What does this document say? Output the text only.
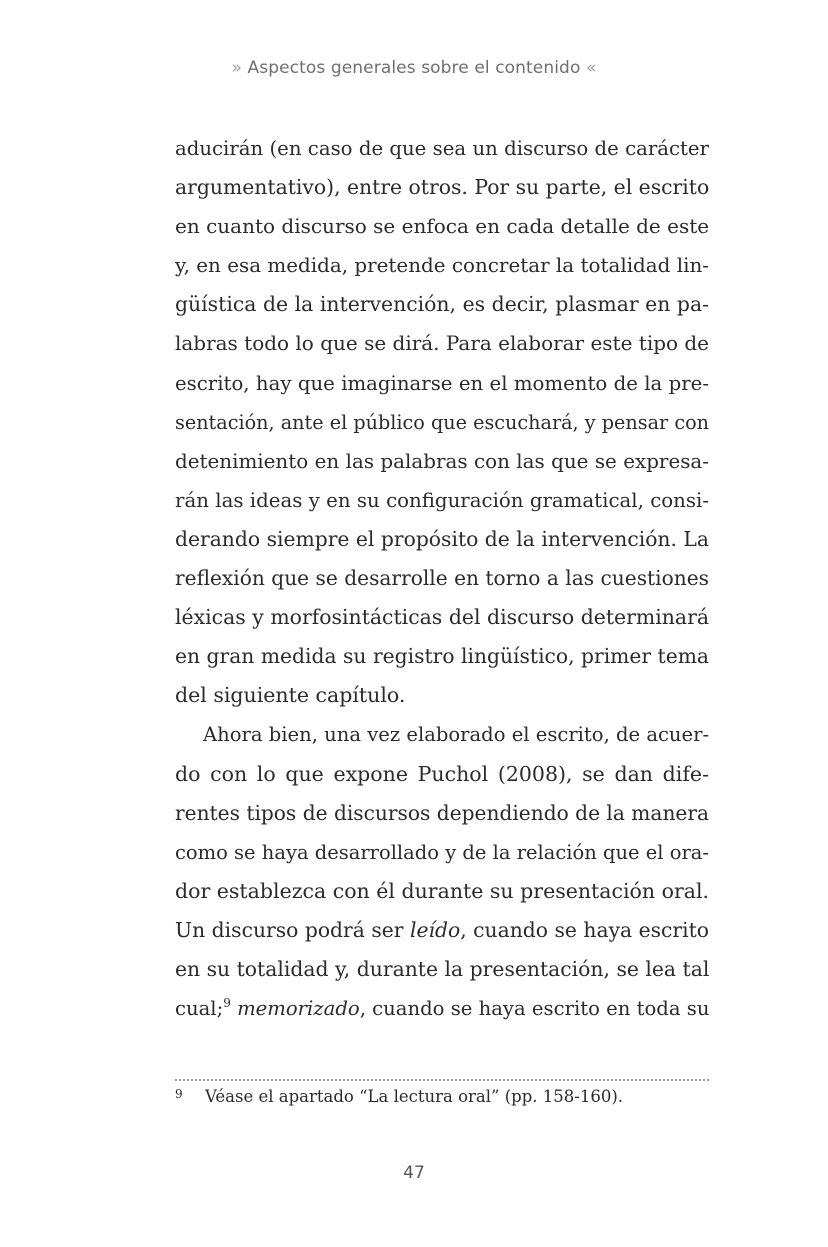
» Aspectos generales sobre el contenido «
aducirán (en caso de que sea un discurso de carácter
argumentativo), entre otros. Por su parte, el escrito
en cuanto discurso se enfoca en cada detalle de este
y, en esa medida, pretende concretar la totalidad lin-
güística de la intervención, es decir, plasmar en pa-
labras todo lo que se dirá. Para elaborar este tipo de
escrito, hay que imaginarse en el momento de la pre-
sentación, ante el público que escuchará, y pensar con
detenimiento en las palabras con las que se expresa-
rán las ideas y en su configuración gramatical, consi-
derando siempre el propósito de la intervención. La
reflexión que se desarrolle en torno a las cuestiones
léxicas y morfosintácticas del discurso determinará
en gran medida su registro lingüístico, primer tema
del siguiente capítulo.
Ahora bien, una vez elaborado el escrito, de acuer-
do con lo que expone Puchol (2008), se dan dife-
rentes tipos de discursos dependiendo de la manera
como se haya desarrollado y de la relación que el ora-
dor establezca con él durante su presentación oral.
Un discurso podrá ser leído, cuando se haya escrito
en su totalidad y, durante la presentación, se lea tal
cual;$^9$ memorizado, cuando se haya escrito en toda su
9 Véase el apartado “La lectura oral” (pp. 158-160).
47
